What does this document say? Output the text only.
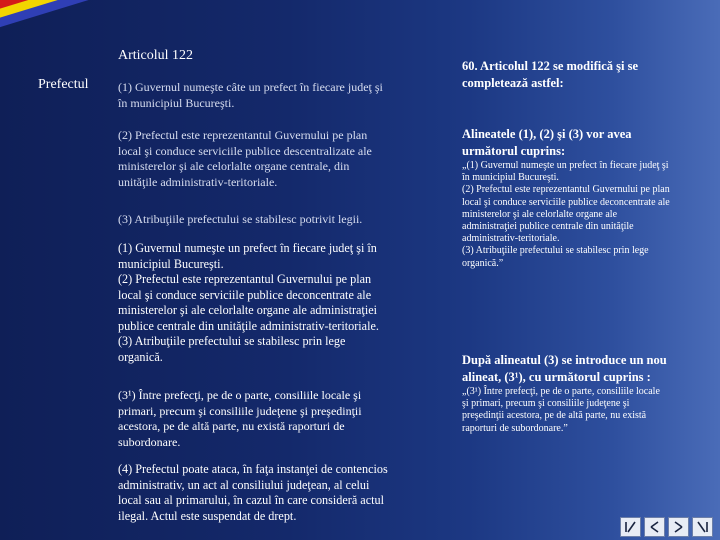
Articolul 122
Prefectul (1) Guvernul numeşte câte un prefect în fiecare judeţ şi
în municipiul Bucureşti.
(2) Prefectul este reprezentantul Guvernului pe plan
local şi conduce serviciile publice descentralizate ale
ministerelor şi ale celorlalte organe centrale, din
unităţile administrativ-teritoriale.
(3) Atribuţiile prefectului se stabilesc potrivit legii.
(1) Guvernul numeşte un prefect în fiecare judeţ şi în
municipiul Bucureşti.
(2) Prefectul este reprezentantul Guvernului pe plan
local şi conduce serviciile publice deconcentrate ale
ministerelor şi ale celorlalte organe ale administraţiei
publice centrale din unităţile administrativ-teritoriale.
(3) Atribuţiile prefectului se stabilesc prin lege
organică.
(3¹) Între prefecţi, pe de o parte, consiliile locale şi
primari, precum şi consiliile judeţene şi preşedinţii
acestora, pe de altă parte, nu există raporturi de
subordonare.
(4) Prefectul poate ataca, în faţa instanţei de contencios
administrativ, un act al consiliului judeţean, al celui
local sau al primarului, în cazul în care consideră actul
ilegal. Actul este suspendat de drept.
60. Articolul 122 se modifică şi se
completează astfel:
Alineatele (1), (2) şi (3) vor avea
următorul cuprins:
„(1) Guvernul numeşte un prefect în fiecare judeţ şi
în municipiul Bucureşti.
(2) Prefectul este reprezentantul Guvernului pe plan
local şi conduce serviciile publice deconcentrate ale
ministerelor şi ale celorlalte organe ale
administraţiei publice centrale din unităţile
administrativ-teritoriale.
(3) Atribuţiile prefectului se stabilesc prin lege
organică.”
După alineatul (3) se introduce un nou
alineat, (3¹), cu următorul cuprins :
„(3¹) Între prefecţi, pe de o parte, consiliile locale
şi primari, precum şi consiliile judeţene şi
preşedinţii acestora, pe de altă parte, nu există
raporturi de subordonare.”
